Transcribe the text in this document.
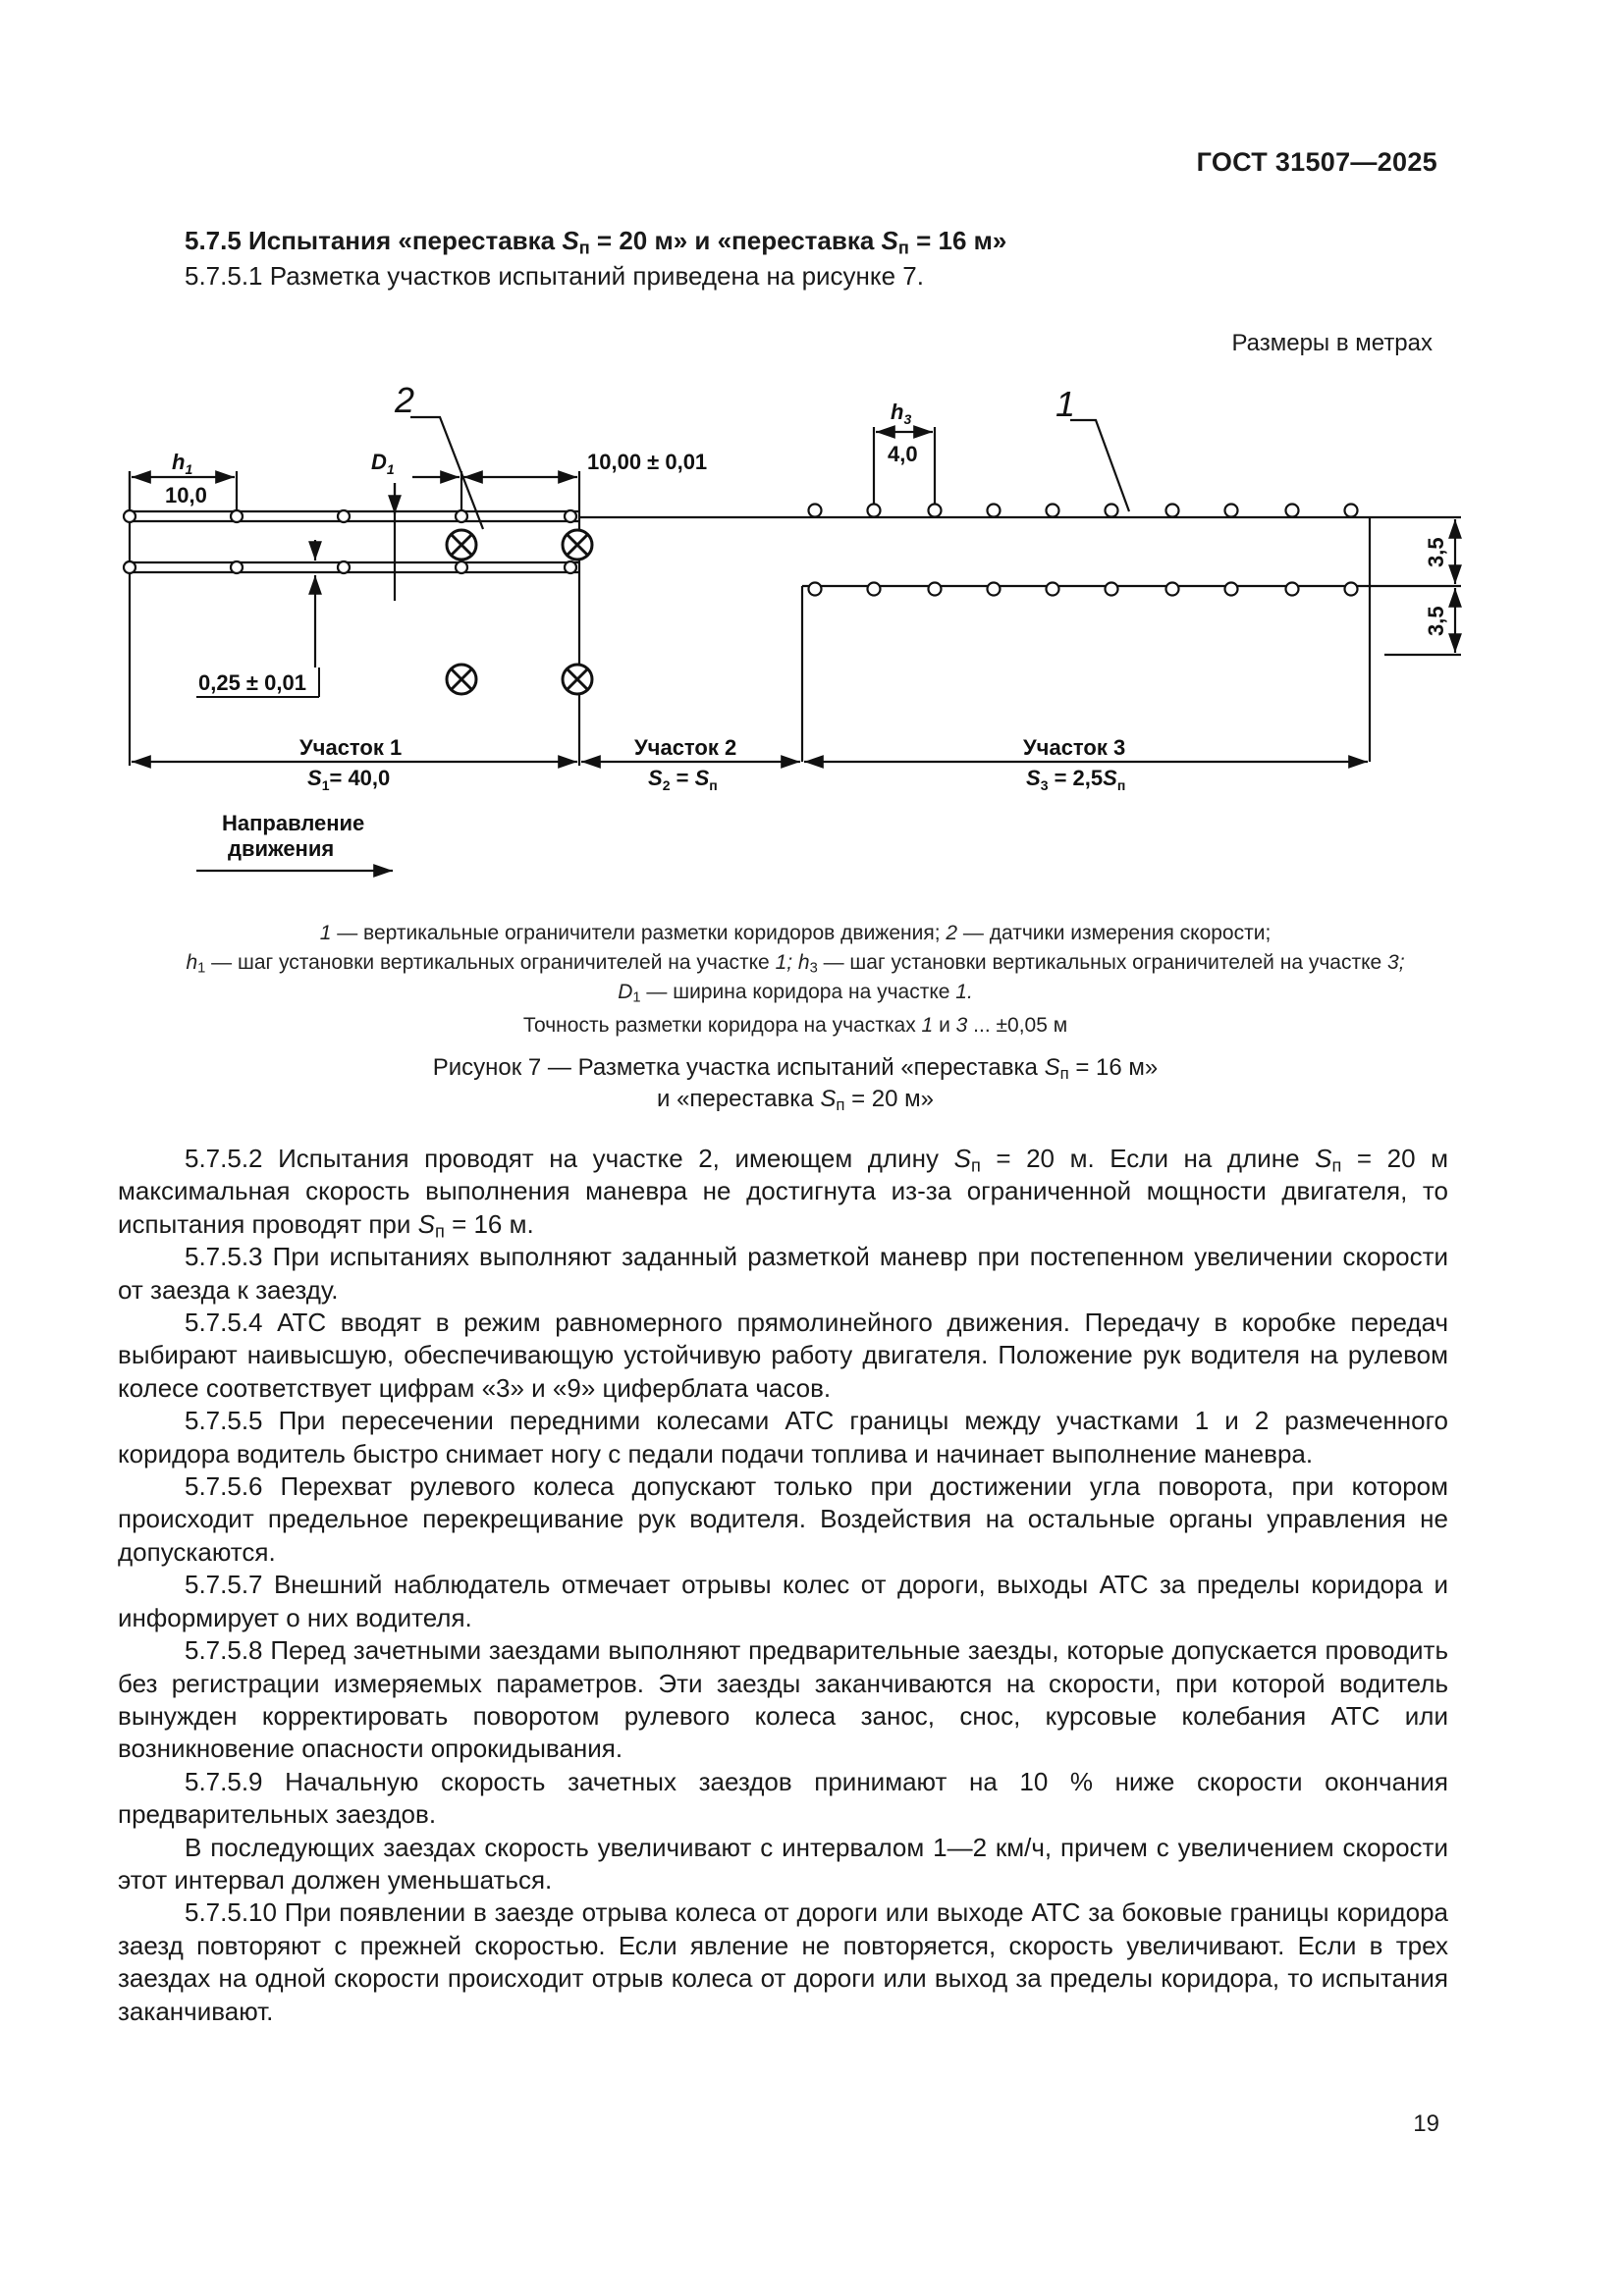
ГОСТ 31507—2025
5.7.5 Испытания «переставка $S_п = 20$ м» и «переставка $S_п = 16$ м»
5.7.5.1 Разметка участков испытаний приведена на рисунке 7.
Размеры в метрах
2	1
$h_1$
10,0
$D_1$	10,00 ± 0,01
$h_3$
4,0
3,5
3,5
0,25 ± 0,01
Участок 1
$S_1= 40,0$
Участок 2
$S_2 = S_п$
Участок 3
$S_3 = 2,5S_п$
Направление
движения
1 — вертикальные ограничители разметки коридоров движения; 2 — датчики измерения скорости;
$h_1$ — шаг установки вертикальных ограничителей на участке 1; $h_3$ — шаг установки вертикальных ограничителей на участке 3;
$D_1$ — ширина коридора на участке 1.
Точность разметки коридора на участках 1 и 3 ... ±0,05 м
Рисунок 7 — Разметка участка испытаний «переставка $S_п = 16$ м»
и «переставка $S_п = 20$ м»

5.7.5.2 Испытания проводят на участке 2, имеющем длину $S_п = 20$ м. Если на длине $S_п = 20$ м максимальная скорость выполнения маневра не достигнута из-за ограниченной мощности двигателя, то испытания проводят при $S_п = 16$ м.

5.7.5.3 При испытаниях выполняют заданный разметкой маневр при постепенном увеличении скорости от заезда к заезду.

5.7.5.4 АТС вводят в режим равномерного прямолинейного движения. Передачу в коробке передач выбирают наивысшую, обеспечивающую устойчивую работу двигателя. Положение рук водителя на рулевом колесе соответствует цифрам «3» и «9» циферблата часов.

5.7.5.5 При пересечении передними колесами АТС границы между участками 1 и 2 размеченного коридора водитель быстро снимает ногу с педали подачи топлива и начинает выполнение маневра.

5.7.5.6 Перехват рулевого колеса допускают только при достижении угла поворота, при котором происходит предельное перекрещивание рук водителя. Воздействия на остальные органы управления не допускаются.

5.7.5.7 Внешний наблюдатель отмечает отрывы колес от дороги, выходы АТС за пределы коридора и информирует о них водителя.

5.7.5.8 Перед зачетными заездами выполняют предварительные заезды, которые допускается проводить без регистрации измеряемых параметров. Эти заезды заканчиваются на скорости, при которой водитель вынужден корректировать поворотом рулевого колеса занос, снос, курсовые колебания АТС или возникновение опасности опрокидывания.

5.7.5.9 Начальную скорость зачетных заездов принимают на 10 % ниже скорости окончания предварительных заездов.

В последующих заездах скорость увеличивают с интервалом 1—2 км/ч, причем с увеличением скорости этот интервал должен уменьшаться.

5.7.5.10 При появлении в заезде отрыва колеса от дороги или выходе АТС за боковые границы коридора заезд повторяют с прежней скоростью. Если явление не повторяется, скорость увеличивают. Если в трех заездах на одной скорости происходит отрыв колеса от дороги или выход за пределы коридора, то испытания заканчивают.

19
